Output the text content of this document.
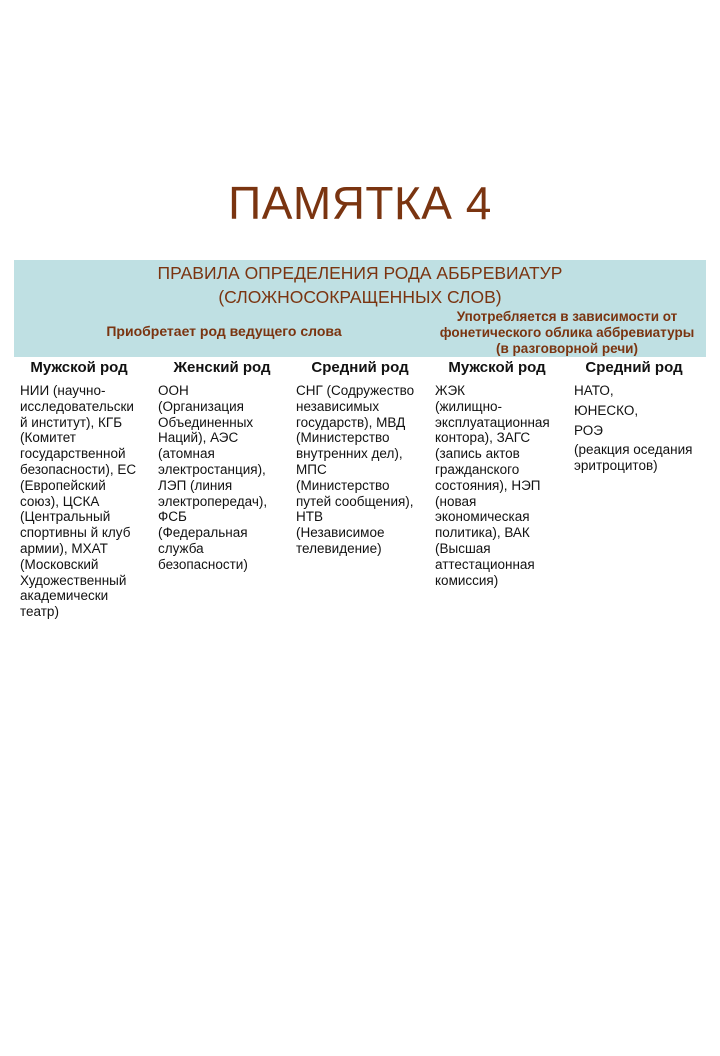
ПАМЯТКА 4
ПРАВИЛА ОПРЕДЕЛЕНИЯ РОДА АББРЕВИАТУР
(СЛОЖНОСОКРАЩЕННЫХ СЛОВ)
Приобретает род ведущего слова
Употребляется в зависимости от
фонетического облика аббревиатуры
(в разговорной речи)
Мужской род
НИИ (научно-
исследовательски
й институт), КГБ
(Комитет
государственной
безопасности), ЕС
(Европейский
союз), ЦСКА
(Центральный
спортивны й клуб
армии), МХАТ
(Московский
Художественный
академически
театр)
Женский род
ООН
(Организация
Объединенных
Наций), АЭС
(атомная
электростанция),
ЛЭП (линия
электропередач),
ФСБ
(Федеральная
служба
безопасности)
Средний род
СНГ (Содружество
независимых
государств), МВД
(Министерство
внутренних дел),
МПС
(Министерство
путей сообщения),
НТВ
(Независимое
телевидение)
Мужской род
ЖЭК
(жилищно-
эксплуатационная
контора), ЗАГС
(запись актов
гражданского
состояния), НЭП
(новая
экономическая
политика), ВАК
(Высшая
аттестационная
комиссия)
Средний род
НАТО,
ЮНЕСКО,
РОЭ
(реакция оседания
эритроцитов)
